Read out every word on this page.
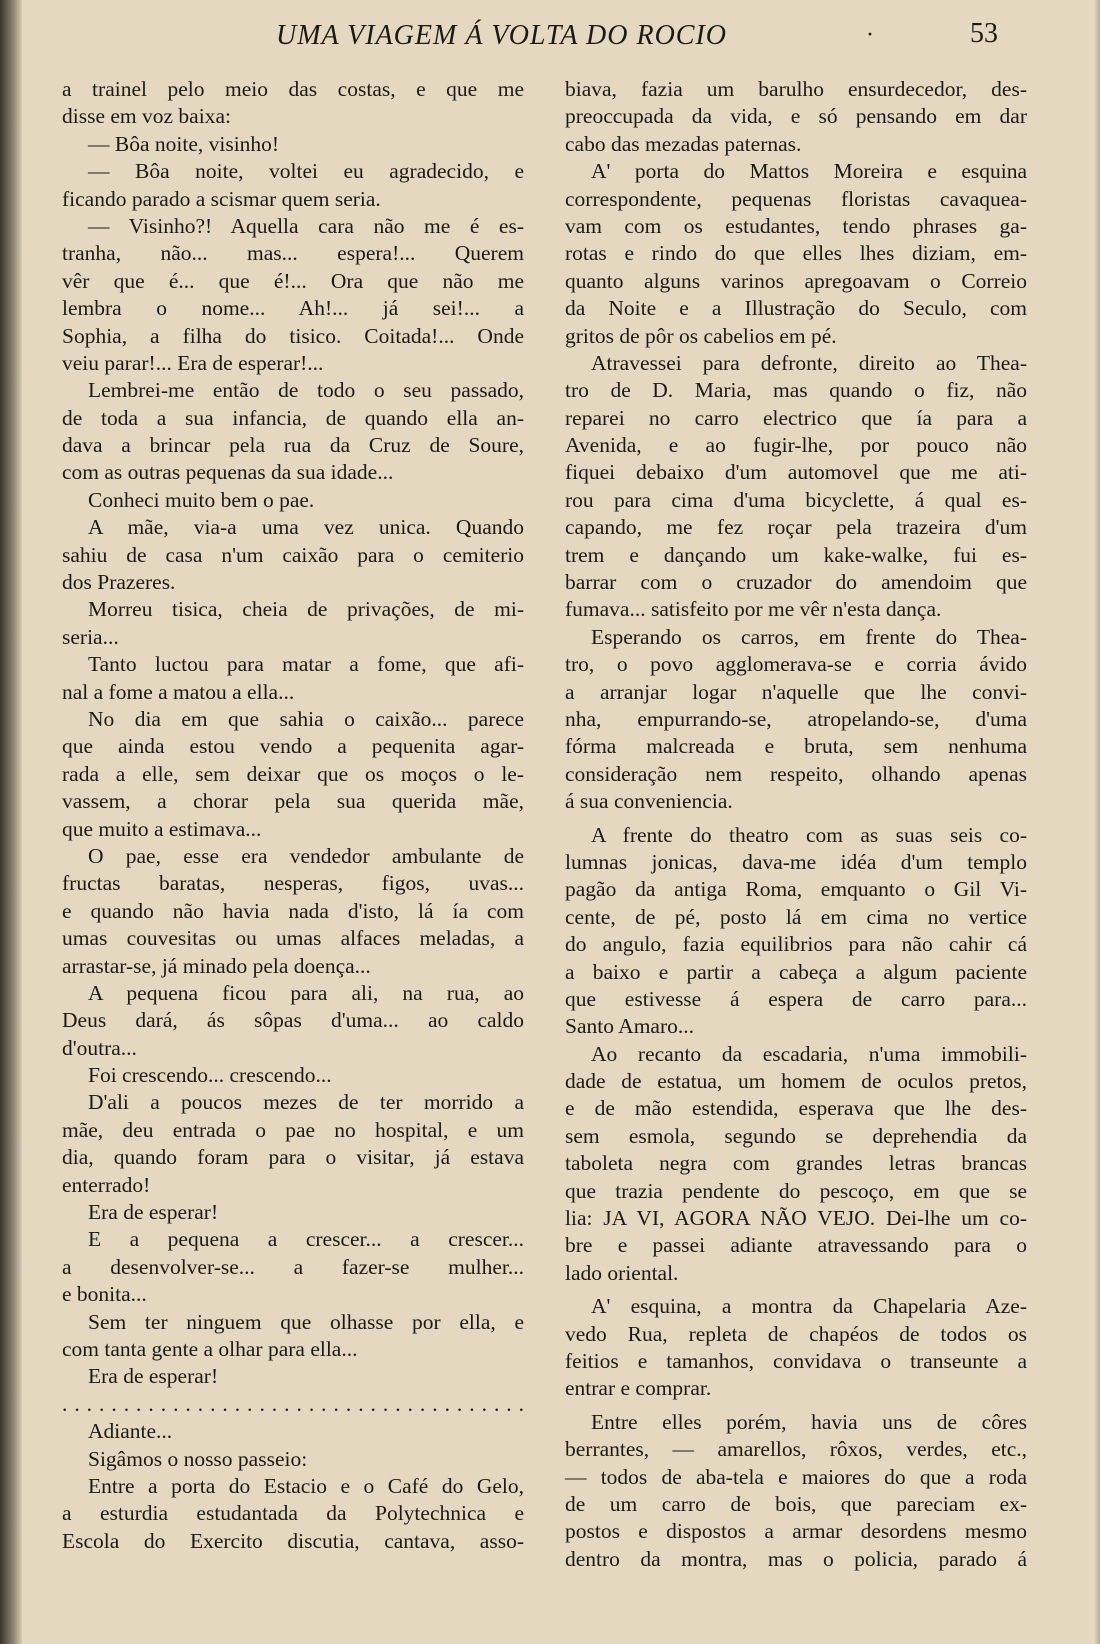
UMA VIAGEM Á VOLTA DO ROCIO	·	53
a trainel pelo meio das costas, e que me
disse em voz baixa:
— Bôa noite, visinho!
— Bôa noite, voltei eu agradecido, e
ficando parado a scismar quem seria.
— Visinho?! Aquella cara não me é es-
tranha, não... mas... espera!... Querem
vêr que é... que é!... Ora que não me
lembra o nome... Ah!... já sei!... a
Sophia, a filha do tisico. Coitada!... Onde
veiu parar!... Era de esperar!...
Lembrei-me então de todo o seu passado,
de toda a sua infancia, de quando ella an-
dava a brincar pela rua da Cruz de Soure,
com as outras pequenas da sua idade...
Conheci muito bem o pae.
A mãe, via-a uma vez unica. Quando
sahiu de casa n'um caixão para o cemiterio
dos Prazeres.
Morreu tisica, cheia de privações, de mi-
seria...
Tanto luctou para matar a fome, que afi-
nal a fome a matou a ella...
No dia em que sahia o caixão... parece
que ainda estou vendo a pequenita agar-
rada a elle, sem deixar que os moços o le-
vassem, a chorar pela sua querida mãe,
que muito a estimava...
O pae, esse era vendedor ambulante de
fructas baratas, nesperas, figos, uvas...
e quando não havia nada d'isto, lá ía com
umas couvesitas ou umas alfaces meladas, a
arrastar-se, já minado pela doença...
A pequena ficou para ali, na rua, ao
Deus dará, ás sôpas d'uma... ao caldo
d'outra...
Foi crescendo... crescendo...
D'ali a poucos mezes de ter morrido a
mãe, deu entrada o pae no hospital, e um
dia, quando foram para o visitar, já estava
enterrado!
Era de esperar!
E a pequena a crescer... a crescer...
a desenvolver-se... a fazer-se mulher...
e bonita...
Sem ter ninguem que olhasse por ella, e
com tanta gente a olhar para ella...
Era de esperar!
. . . . . . . . . . . . . . . . . . . . . . . . . . . . . . . . . . . . . .
Adiante...
Sigâmos o nosso passeio:
Entre a porta do Estacio e o Café do Gelo,
a esturdia estudantada da Polytechnica e
Escola do Exercito discutia, cantava, asso-
biava, fazia um barulho ensurdecedor, des-
preoccupada da vida, e só pensando em dar
cabo das mezadas paternas.
A' porta do Mattos Moreira e esquina
correspondente, pequenas floristas cavaquea-
vam com os estudantes, tendo phrases ga-
rotas e rindo do que elles lhes diziam, em-
quanto alguns varinos apregoavam o Correio
da Noite e a Illustração do Seculo, com
gritos de pôr os cabelios em pé.
Atravessei para defronte, direito ao Thea-
tro de D. Maria, mas quando o fiz, não
reparei no carro electrico que ía para a
Avenida, e ao fugir-lhe, por pouco não
fiquei debaixo d'um automovel que me ati-
rou para cima d'uma bicyclette, á qual es-
capando, me fez roçar pela trazeira d'um
trem e dançando um kake-walke, fui es-
barrar com o cruzador do amendoim que
fumava... satisfeito por me vêr n'esta dança.
Esperando os carros, em frente do Thea-
tro, o povo agglomerava-se e corria ávido
a arranjar logar n'aquelle que lhe convi-
nha, empurrando-se, atropelando-se, d'uma
fórma malcreada e bruta, sem nenhuma
consideração nem respeito, olhando apenas
á sua conveniencia.
A frente do theatro com as suas seis co-
lumnas jonicas, dava-me idéa d'um templo
pagão da antiga Roma, emquanto o Gil Vi-
cente, de pé, posto lá em cima no vertice
do angulo, fazia equilibrios para não cahir cá
a baixo e partir a cabeça a algum paciente
que estivesse á espera de carro para...
Santo Amaro...
Ao recanto da escadaria, n'uma immobili-
dade de estatua, um homem de oculos pretos,
e de mão estendida, esperava que lhe des-
sem esmola, segundo se deprehendia da
taboleta negra com grandes letras brancas
que trazia pendente do pescoço, em que se
lia: JA VI, AGORA NÃO VEJO. Dei-lhe um co-
bre e passei adiante atravessando para o
lado oriental.
A' esquina, a montra da Chapelaria Aze-
vedo Rua, repleta de chapéos de todos os
feitios e tamanhos, convidava o transeunte a
entrar e comprar.
Entre elles porém, havia uns de côres
berrantes, — amarellos, rôxos, verdes, etc.,
— todos de aba-tela e maiores do que a roda
de um carro de bois, que pareciam ex-
postos e dispostos a armar desordens mesmo
dentro da montra, mas o policia, parado á
